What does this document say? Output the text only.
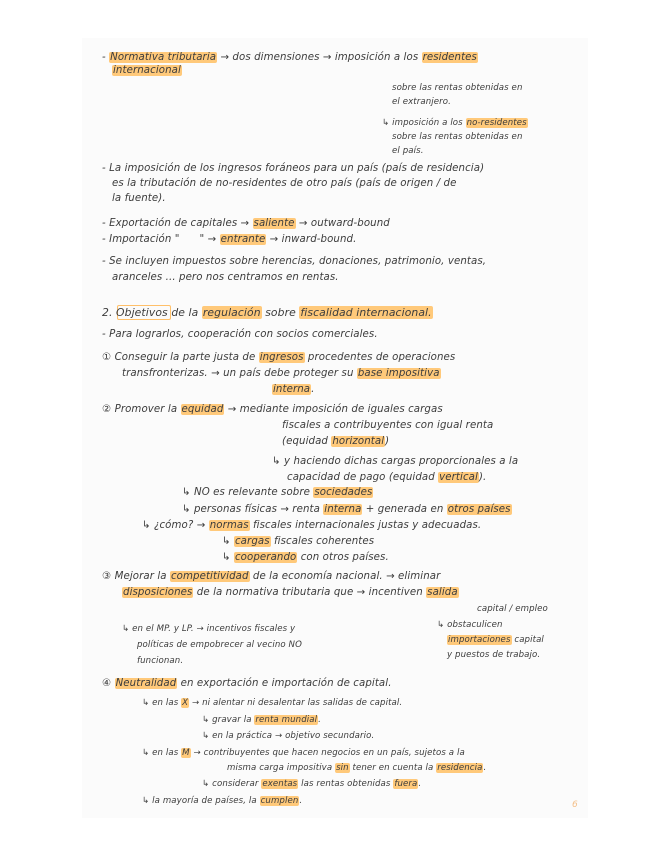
- Normativa tributaria → dos dimensiones → imposición a los residentes
internacional
sobre las rentas obtenidas en
el extranjero.
↳ imposición a los no-residentes
sobre las rentas obtenidas en
el país.
- La imposición de los ingresos foráneos para un país (país de residencia)
es la tributación de no-residentes de otro país (país de origen / de
la fuente).
- Exportación de capitales → saliente → outward-bound
- Importación "      " → entrante → inward-bound.
- Se incluyen impuestos sobre herencias, donaciones, patrimonio, ventas,
aranceles ... pero nos centramos en rentas.
2. Objetivos de la regulación sobre fiscalidad internacional.
- Para lograrlos, cooperación con socios comerciales.
① Conseguir la parte justa de ingresos procedentes de operaciones
transfronterizas. → un país debe proteger su base impositiva
interna.
② Promover la equidad → mediante imposición de iguales cargas
fiscales a contribuyentes con igual renta
(equidad horizontal)
↳ y haciendo dichas cargas proporcionales a la
capacidad de pago (equidad vertical).
↳ NO es relevante sobre sociedades
↳ personas físicas → renta interna + generada en otros países
↳ ¿cómo? → normas fiscales internacionales justas y adecuadas.
↳ cargas fiscales coherentes
↳ cooperando con otros países.
③ Mejorar la competitividad de la economía nacional. → eliminar
disposiciones de la normativa tributaria que → incentiven salida
capital / empleo
↳ en el MP. y LP. → incentivos fiscales y	↳ obstaculicen
políticas de empobrecer al vecino NO	importaciones capital
funcionan.
y puestos de trabajo.
④ Neutralidad en exportación e importación de capital.
↳ en las X → ni alentar ni desalentar las salidas de capital.
↳ gravar la renta mundial.
↳ en la práctica → objetivo secundario.
↳ en las M → contribuyentes que hacen negocios en un país, sujetos a la
misma carga impositiva sin tener en cuenta la residencia.
↳ considerar exentas las rentas obtenidas fuera.
↳ la mayoría de países, la cumplen.	6
